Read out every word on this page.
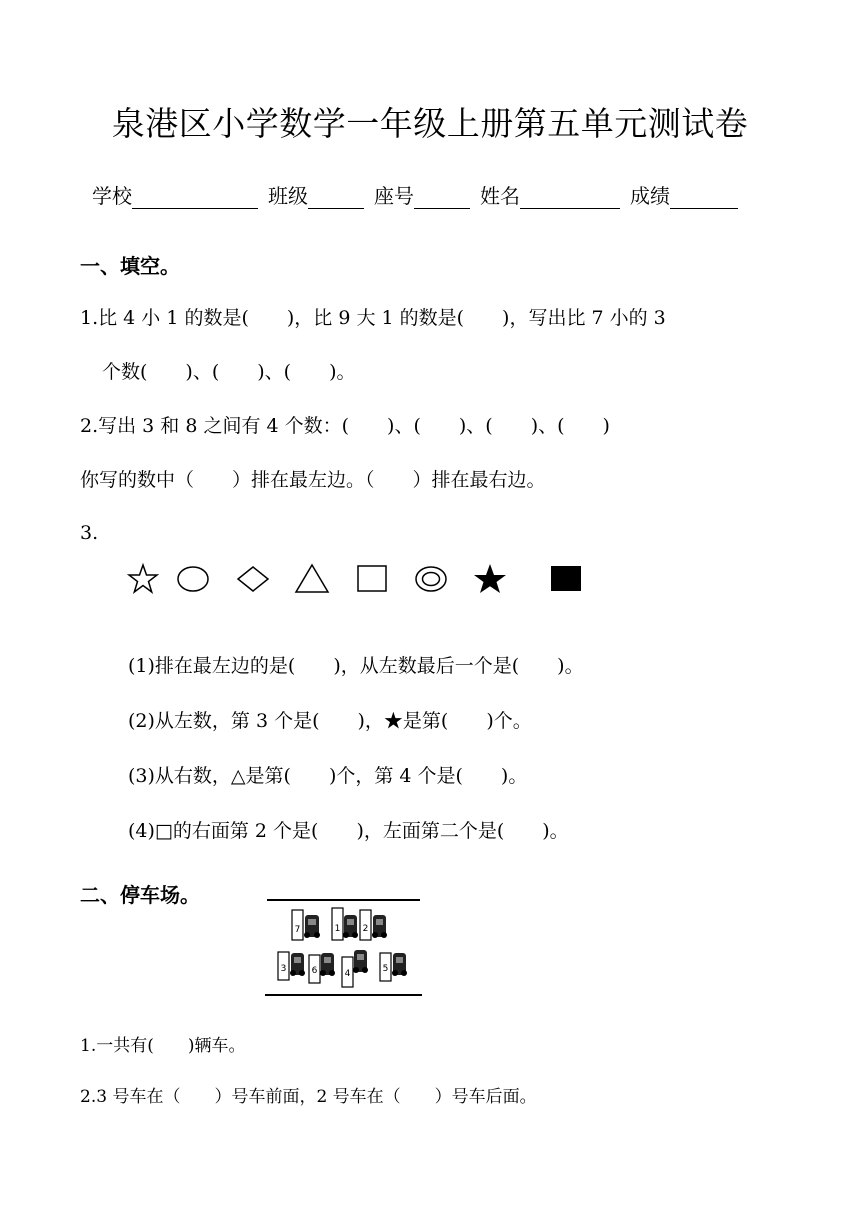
泉港区小学数学一年级上册第五单元测试卷
学校	班级	座号	姓名	成绩
一、填空。
1.比 4 小 1 的数是(　　)，比 9 大 1 的数是(　　)，写出比 7 小的 3
个数(　　)、(　　)、(　　)。
2.写出 3 和 8 之间有 4 个数：(　　)、(　　)、(　　)、(　　)
你写的数中（　　）排在最左边。（　　）排在最右边。
3.
(1)排在最左边的是(　　)，从左数最后一个是(　　)。
(2)从左数，第 3 个是(　　)，★是第(　　)个。
(3)从右数，△是第(　　)个，第 4 个是(　　)。
(4)□的右面第 2 个是(　　)，左面第二个是(　　)。
二、停车场。
7	1 2
3	6	4	5
1.一共有(　　)辆车。
2.3 号车在（　　）号车前面，2 号车在（　　）号车后面。
